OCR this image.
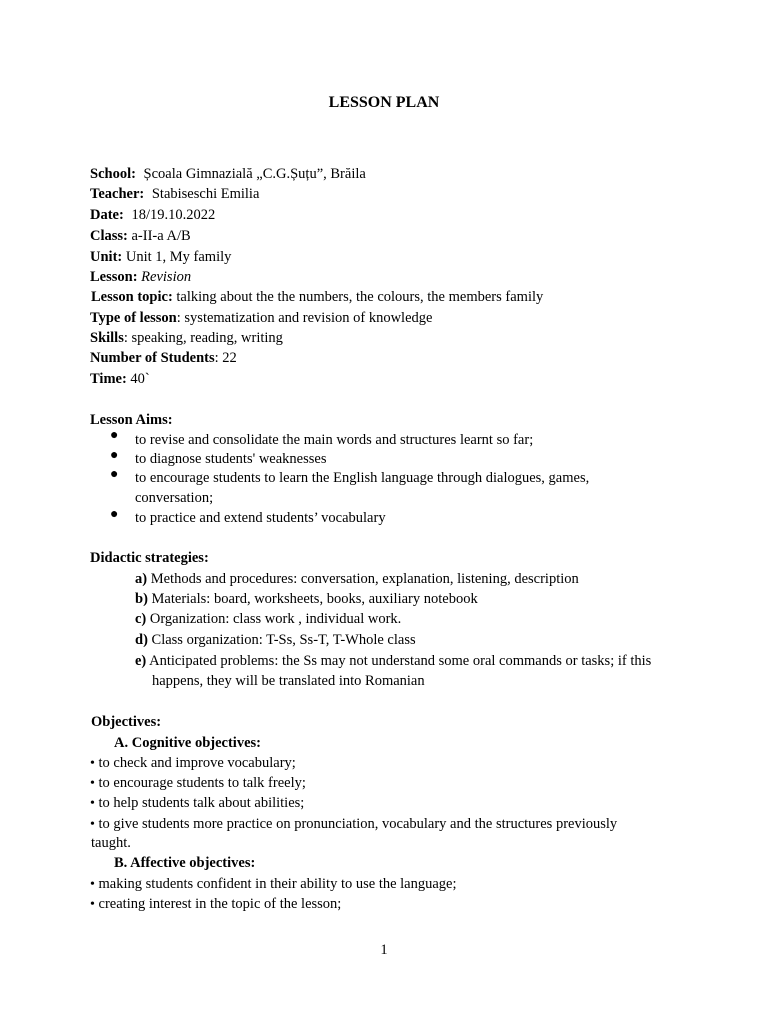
LESSON PLAN
School: Școala Gimnazială „C.G.Șuțu”, Brăila
Teacher: Stabiseschi Emilia
Date: 18/19.10.2022
Class: a-II-a A/B
Unit: Unit 1, My family
Lesson: Revision
Lesson topic: talking about the the numbers, the colours, the members family
Type of lesson: systematization and revision of knowledge
Skills: speaking, reading, writing
Number of Students: 22
Time: 40`
Lesson Aims:
● to revise and consolidate the main words and structures learnt so far;
● to diagnose students' weaknesses
● to encourage students to learn the English language through dialogues, games,
conversation;
● to practice and extend students’ vocabulary
Didactic strategies:
a) Methods and procedures: conversation, explanation, listening, description
b) Materials: board, worksheets, books, auxiliary notebook
c) Organization: class work , individual work.
d) Class organization: T-Ss, Ss-T, T-Whole class
e) Anticipated problems: the Ss may not understand some oral commands or tasks; if this
happens, they will be translated into Romanian
Objectives:
A. Cognitive objectives:
• to check and improve vocabulary;
• to encourage students to talk freely;
• to help students talk about abilities;
• to give students more practice on pronunciation, vocabulary and the structures previously
taught.
B. Affective objectives:
• making students confident in their ability to use the language;
• creating interest in the topic of the lesson;
1
